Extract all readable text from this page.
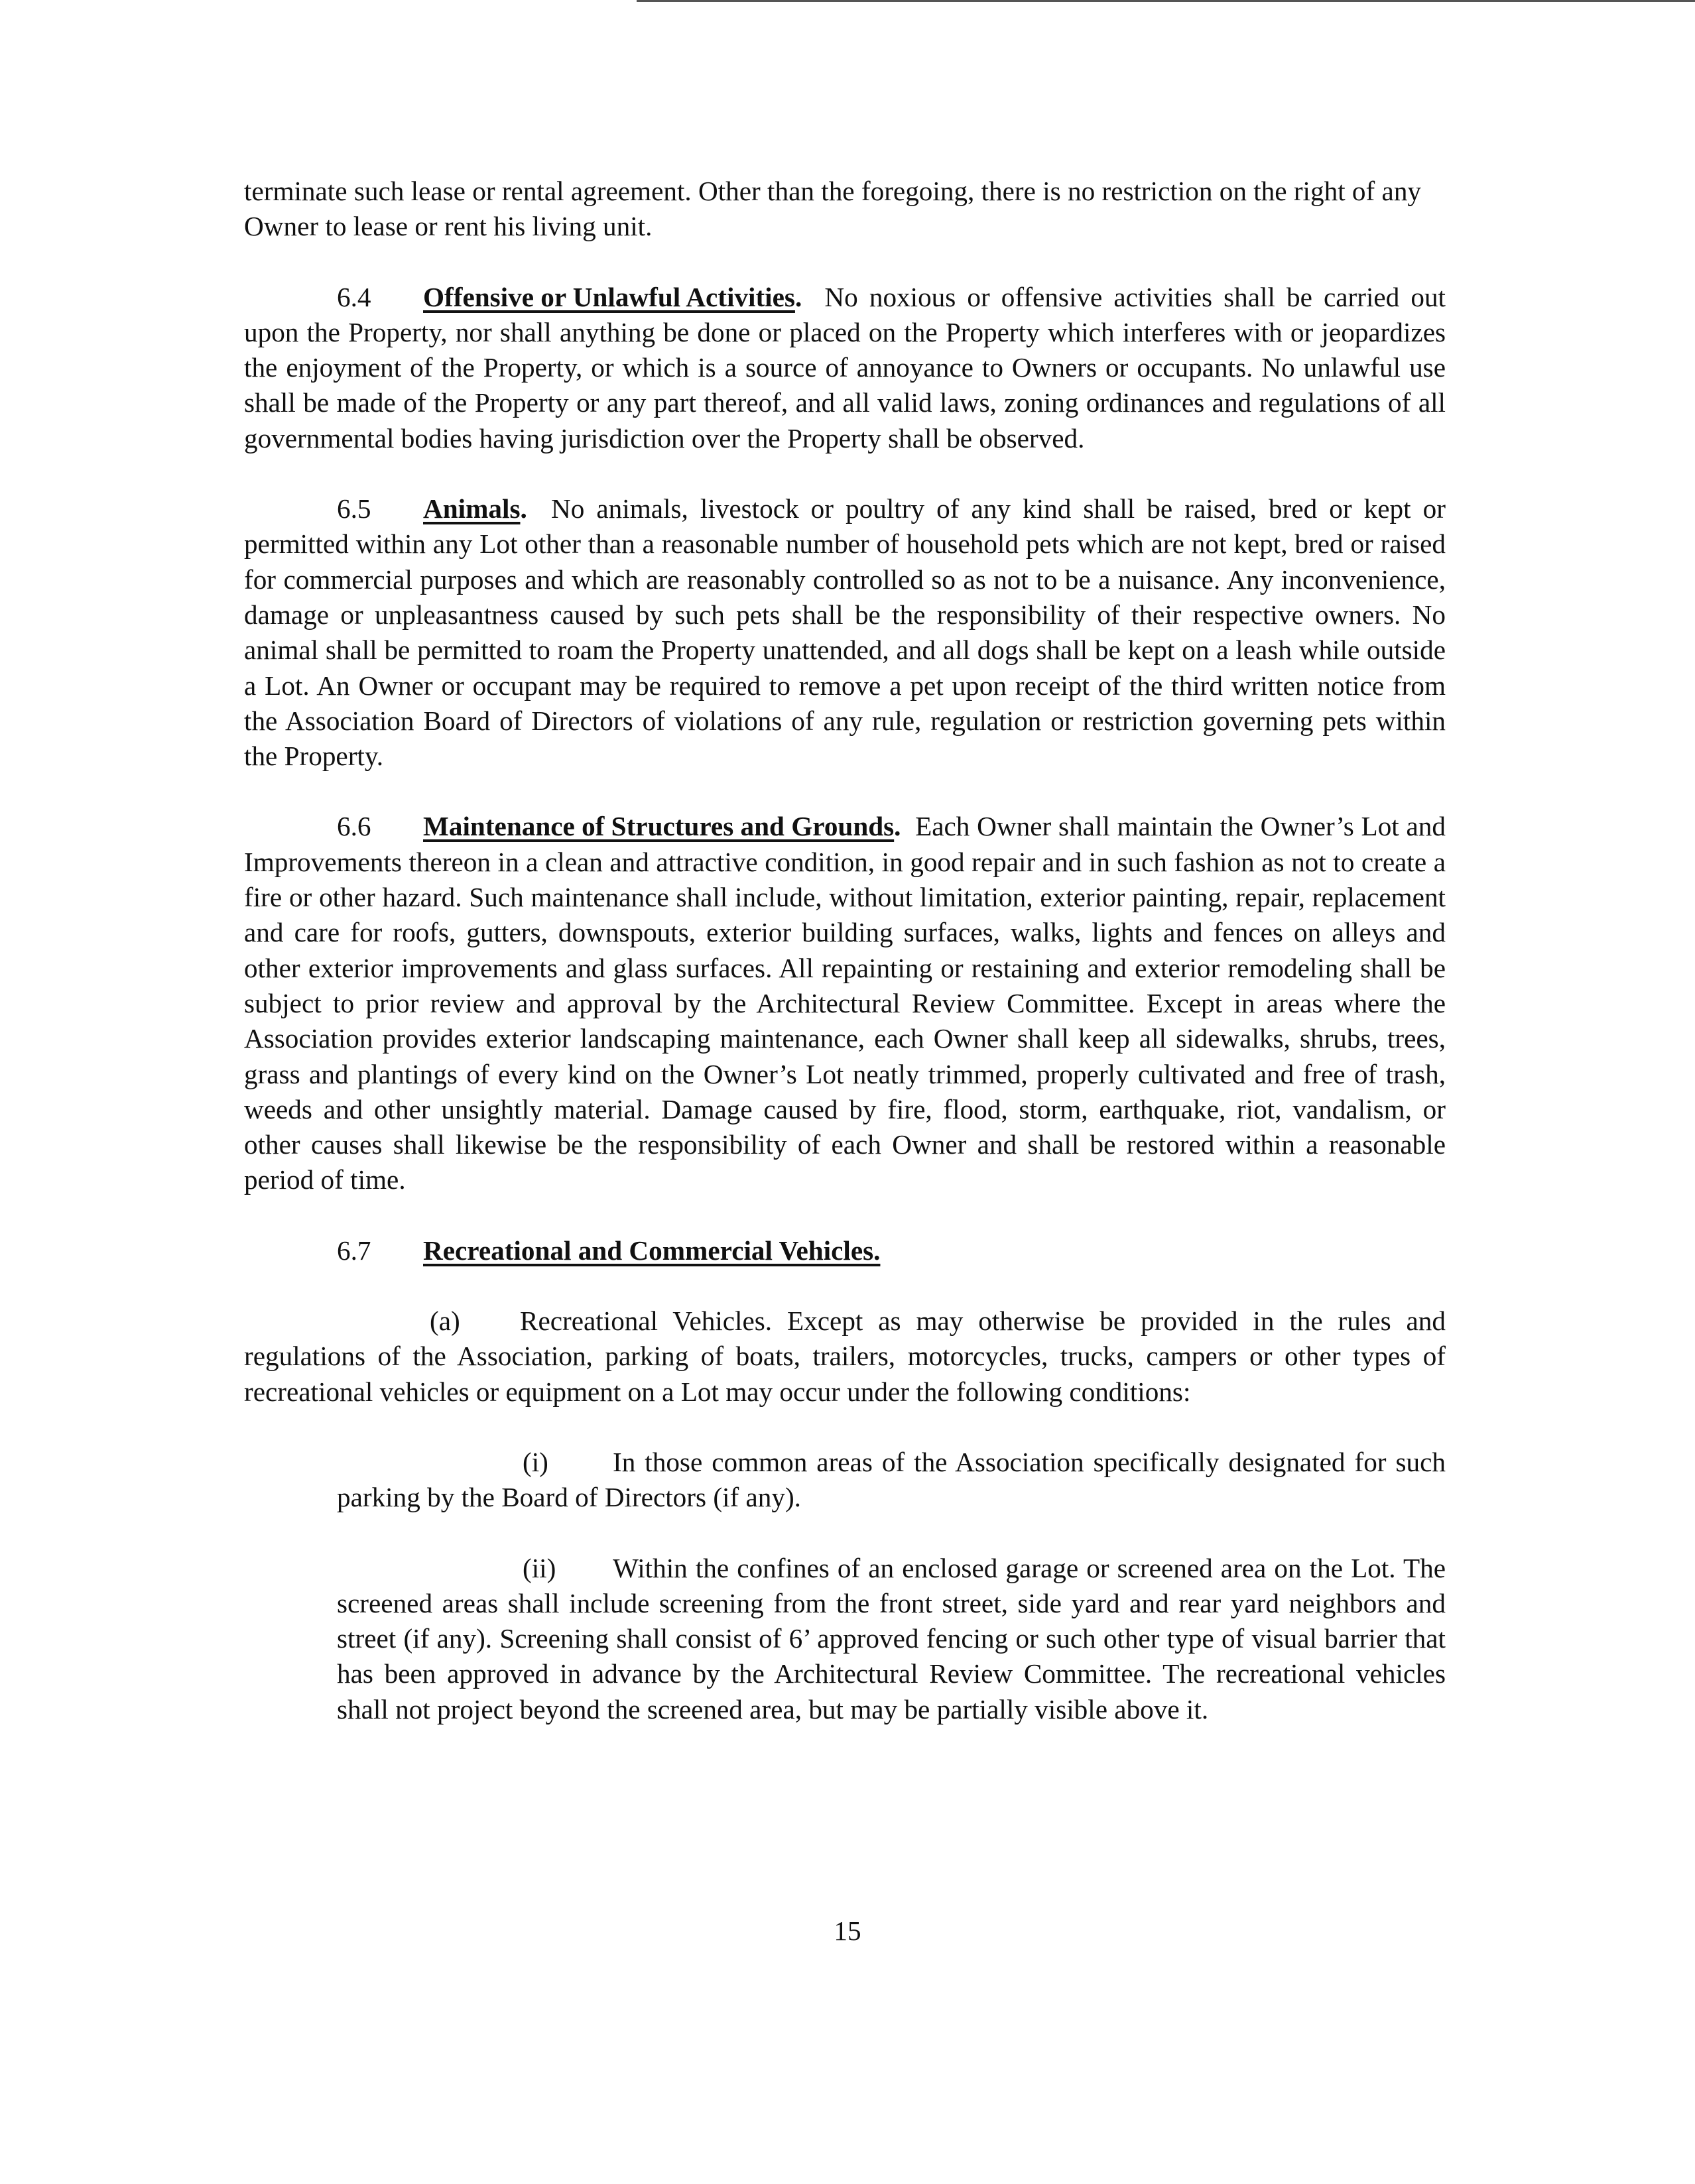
terminate such lease or rental agreement. Other than the foregoing, there is no restriction on the right of any Owner to lease or rent his living unit.

6.4 Offensive or Unlawful Activities. No noxious or offensive activities shall be carried out upon the Property, nor shall anything be done or placed on the Property which interferes with or jeopardizes the enjoyment of the Property, or which is a source of annoyance to Owners or occupants. No unlawful use shall be made of the Property or any part thereof, and all valid laws, zoning ordinances and regulations of all governmental bodies having jurisdiction over the Property shall be observed.

6.5 Animals. No animals, livestock or poultry of any kind shall be raised, bred or kept or permitted within any Lot other than a reasonable number of household pets which are not kept, bred or raised for commercial purposes and which are reasonably controlled so as not to be a nuisance. Any inconvenience, damage or unpleasantness caused by such pets shall be the responsibility of their respective owners. No animal shall be permitted to roam the Property unattended, and all dogs shall be kept on a leash while outside a Lot. An Owner or occupant may be required to remove a pet upon receipt of the third written notice from the Association Board of Directors of violations of any rule, regulation or restriction governing pets within the Property.

6.6 Maintenance of Structures and Grounds. Each Owner shall maintain the Owner’s Lot and Improvements thereon in a clean and attractive condition, in good repair and in such fashion as not to create a fire or other hazard. Such maintenance shall include, without limitation, exterior painting, repair, replacement and care for roofs, gutters, downspouts, exterior building surfaces, walks, lights and fences on alleys and other exterior improvements and glass surfaces. All repainting or restaining and exterior remodeling shall be subject to prior review and approval by the Architectural Review Committee. Except in areas where the Association provides exterior landscaping maintenance, each Owner shall keep all sidewalks, shrubs, trees, grass and plantings of every kind on the Owner’s Lot neatly trimmed, properly cultivated and free of trash, weeds and other unsightly material. Damage caused by fire, flood, storm, earthquake, riot, vandalism, or other causes shall likewise be the responsibility of each Owner and shall be restored within a reasonable period of time.

6.7 Recreational and Commercial Vehicles.

(a) Recreational Vehicles. Except as may otherwise be provided in the rules and regulations of the Association, parking of boats, trailers, motorcycles, trucks, campers or other types of recreational vehicles or equipment on a Lot may occur under the following conditions:

(i) In those common areas of the Association specifically designated for such parking by the Board of Directors (if any).

(ii) Within the confines of an enclosed garage or screened area on the Lot. The screened areas shall include screening from the front street, side yard and rear yard neighbors and street (if any). Screening shall consist of 6’ approved fencing or such other type of visual barrier that has been approved in advance by the Architectural Review Committee. The recreational vehicles shall not project beyond the screened area, but may be partially visible above it.

15
